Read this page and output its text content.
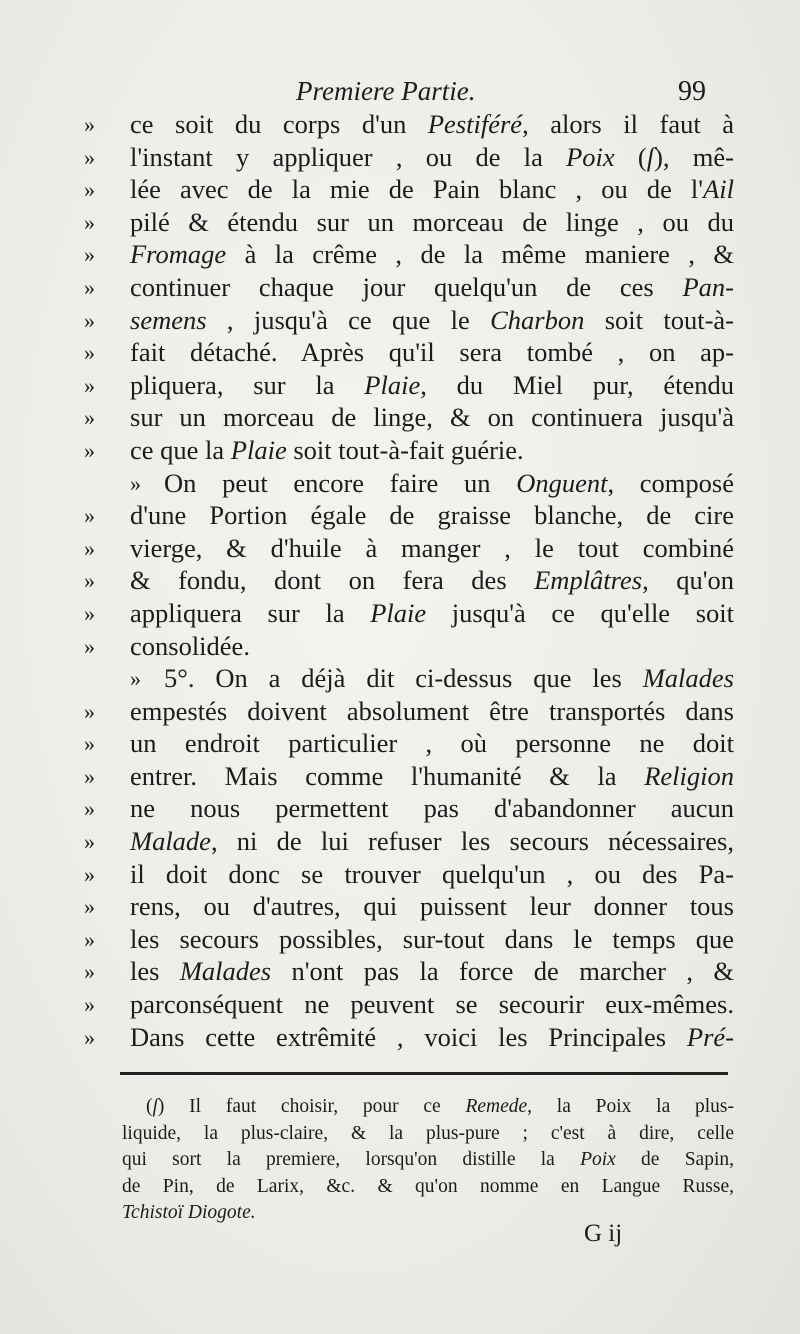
Premiere Partie.	99
» ce soit du corps d'un Pestiféré, alors il faut à
» l'instant y appliquer , ou de la Poix (ſ), mê-
» lée avec de la mie de Pain blanc , ou de l'Ail
» pilé & étendu sur un morceau de linge , ou du
» Fromage à la crême , de la même maniere , &
» continuer chaque jour quelqu'un de ces Pan-
» semens , jusqu'à ce que le Charbon soit tout-à-
» fait détaché. Après qu'il sera tombé , on ap-
» pliquera, sur la Plaie, du Miel pur, étendu
» sur un morceau de linge, & on continuera jusqu'à
» ce que la Plaie soit tout-à-fait guérie.
» On peut encore faire un Onguent, composé
» d'une Portion égale de graisse blanche, de cire
» vierge, & d'huile à manger , le tout combiné
» & fondu, dont on fera des Emplâtres, qu'on
» appliquera sur la Plaie jusqu'à ce qu'elle soit
» consolidée.
» 5°. On a déjà dit ci-dessus que les Malades
» empestés doivent absolument être transportés dans
» un endroit particulier , où personne ne doit
» entrer. Mais comme l'humanité & la Religion
» ne nous permettent pas d'abandonner aucun
» Malade, ni de lui refuser les secours nécessaires,
» il doit donc se trouver quelqu'un , ou des Pa-
» rens, ou d'autres, qui puissent leur donner tous
» les secours possibles, sur-tout dans le temps que
» les Malades n'ont pas la force de marcher , &
» parconséquent ne peuvent se secourir eux-mêmes.
» Dans cette extrêmité , voici les Principales Pré-
(ſ) Il faut choisir, pour ce Remede, la Poix la plus-
liquide, la plus-claire, & la plus-pure ; c'est à dire, celle
qui sort la premiere, lorsqu'on distille la Poix de Sapin,
de Pin, de Larix, &c. & qu'on nomme en Langue Russe,
Tchistoï Diogote.
G ij
